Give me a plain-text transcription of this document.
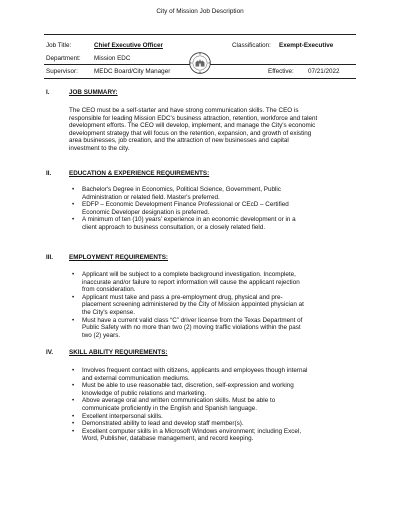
City of Mission Job Description
Job Title:	Chief Executive Officer	Classification: Exempt-Executive
Department: Mission EDC
Supervisor:	MEDC Board/City Manager	Effective: 07/21/2022
I.	JOB SUMMARY:
The CEO must be a self-starter and have strong communication skills. The CEO is
responsible for leading Mission EDC's business attraction, retention, workforce and talent
development efforts. The CEO will develop, implement, and manage the City's economic
development strategy that will focus on the retention, expansion, and growth of existing
area businesses, job creation, and the attraction of new businesses and capital
investment to the city.
II.	EDUCATION & EXPERIENCE REQUIREMENTS:
• Bachelor's Degree in Economics, Political Science, Government, Public
Administration or related field. Master's preferred.
• EDFP – Economic Development Finance Professional or CEcD – Certified
Economic Developer designation is preferred.
• A minimum of ten (10) years' experience in an economic development or in a
client approach to business consultation, or a closely related field.
III.	EMPLOYMENT REQUIREMENTS:
• Applicant will be subject to a complete background investigation. Incomplete,
inaccurate and/or failure to report information will cause the applicant rejection
from consideration.
• Applicant must take and pass a pre-employment drug, physical and pre-
placement screening administered by the City of Mission appointed physician at
the City's expense.
• Must have a current valid class “C” driver license from the Texas Department of
Public Safety with no more than two (2) moving traffic violations within the past
two (2) years.
IV.	SKILL ABILITY REQUIREMENTS:
• Involves frequent contact with citizens, applicants and employees though internal
and external communication mediums.
• Must be able to use reasonable tact, discretion, self-expression and working
knowledge of public relations and marketing.
• Above average oral and written communication skills. Must be able to
communicate proficiently in the English and Spanish language.
• Excellent interpersonal skills.
• Demonstrated ability to lead and develop staff member(s).
• Excellent computer skills in a Microsoft Windows environment; including Excel,
Word, Publisher, database management, and record keeping.
